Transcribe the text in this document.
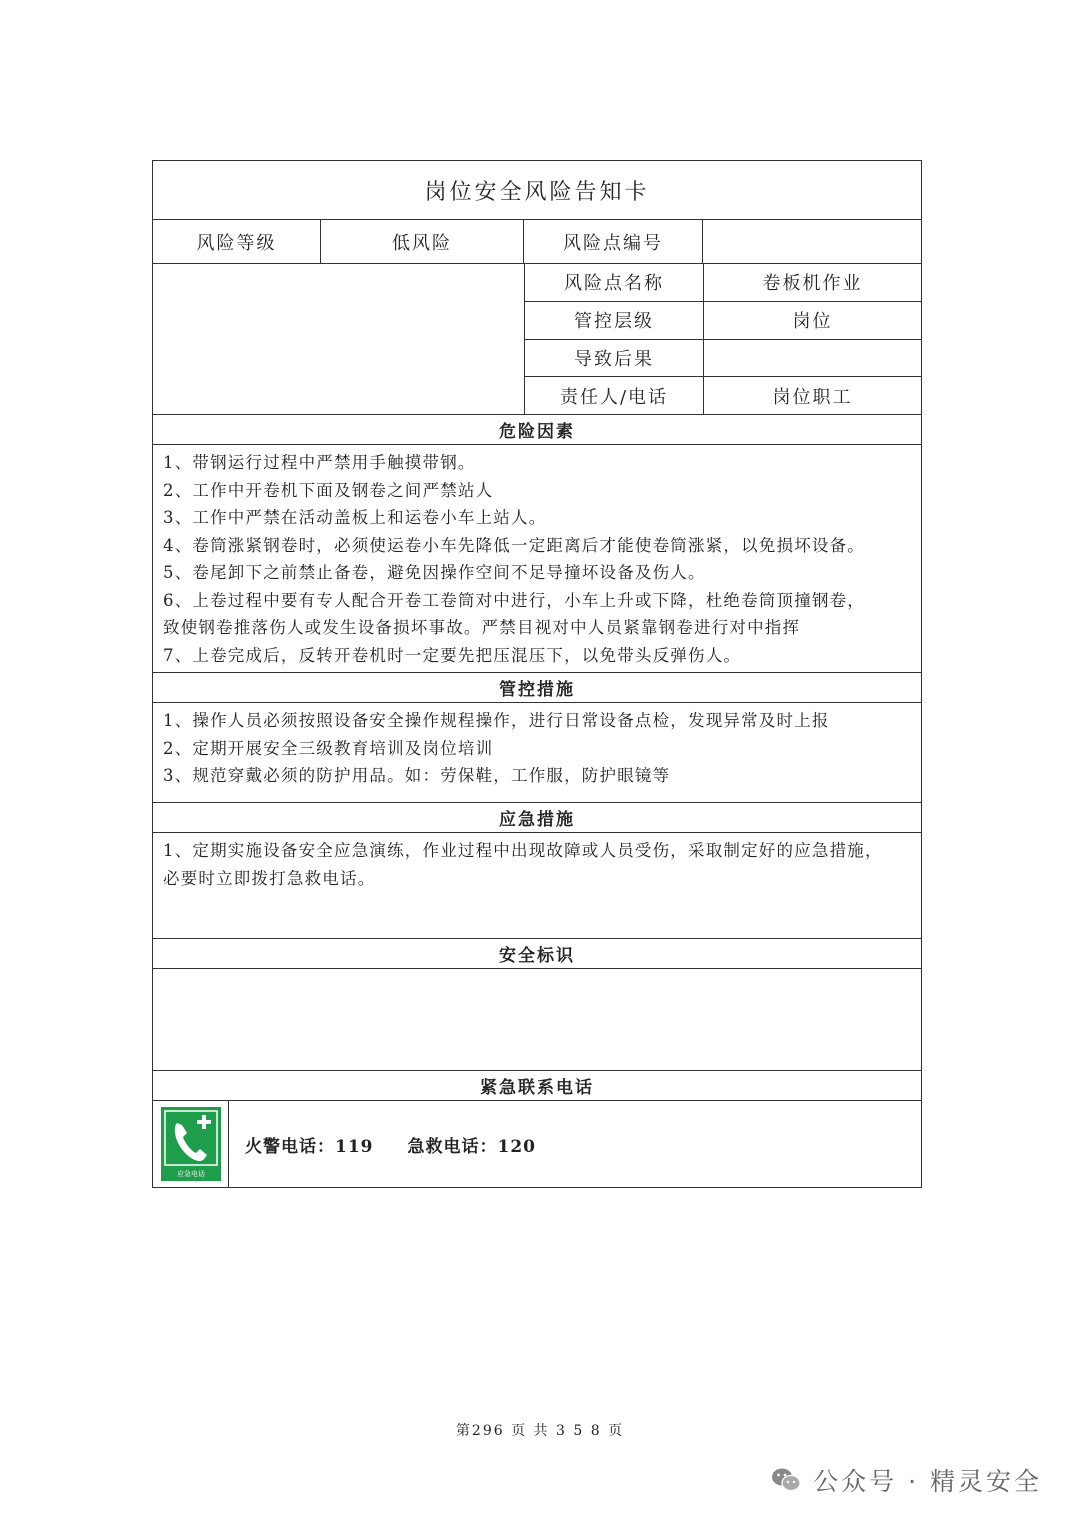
岗位安全风险告知卡
风险等级	低风险	风险点编号
风险点名称	卷板机作业
管控层级	岗位
导致后果
责任人/电话	岗位职工
危险因素
1、带钢运行过程中严禁用手触摸带钢。
2、工作中开卷机下面及钢卷之间严禁站人
3、工作中严禁在活动盖板上和运卷小车上站人。
4、卷筒涨紧钢卷时，必须使运卷小车先降低一定距离后才能使卷筒涨紧，以免损坏设备。
5、卷尾卸下之前禁止备卷，避免因操作空间不足导撞坏设备及伤人。
6、上卷过程中要有专人配合开卷工卷筒对中进行，小车上升或下降，杜绝卷筒顶撞钢卷，
致使钢卷推落伤人或发生设备损坏事故。严禁目视对中人员紧靠钢卷进行对中指挥
7、上卷完成后，反转开卷机时一定要先把压混压下，以免带头反弹伤人。
管控措施
1、操作人员必须按照设备安全操作规程操作，进行日常设备点检，发现异常及时上报
2、定期开展安全三级教育培训及岗位培训
3、规范穿戴必须的防护用品。如：劳保鞋，工作服，防护眼镜等
应急措施
1、定期实施设备安全应急演练，作业过程中出现故障或人员受伤，采取制定好的应急措施，
必要时立即拨打急救电话。
安全标识
紧急联系电话
应急电话
火警电话：119 急救电话：120
第296 页 共 3 5 8 页
公众号 · 精灵安全
